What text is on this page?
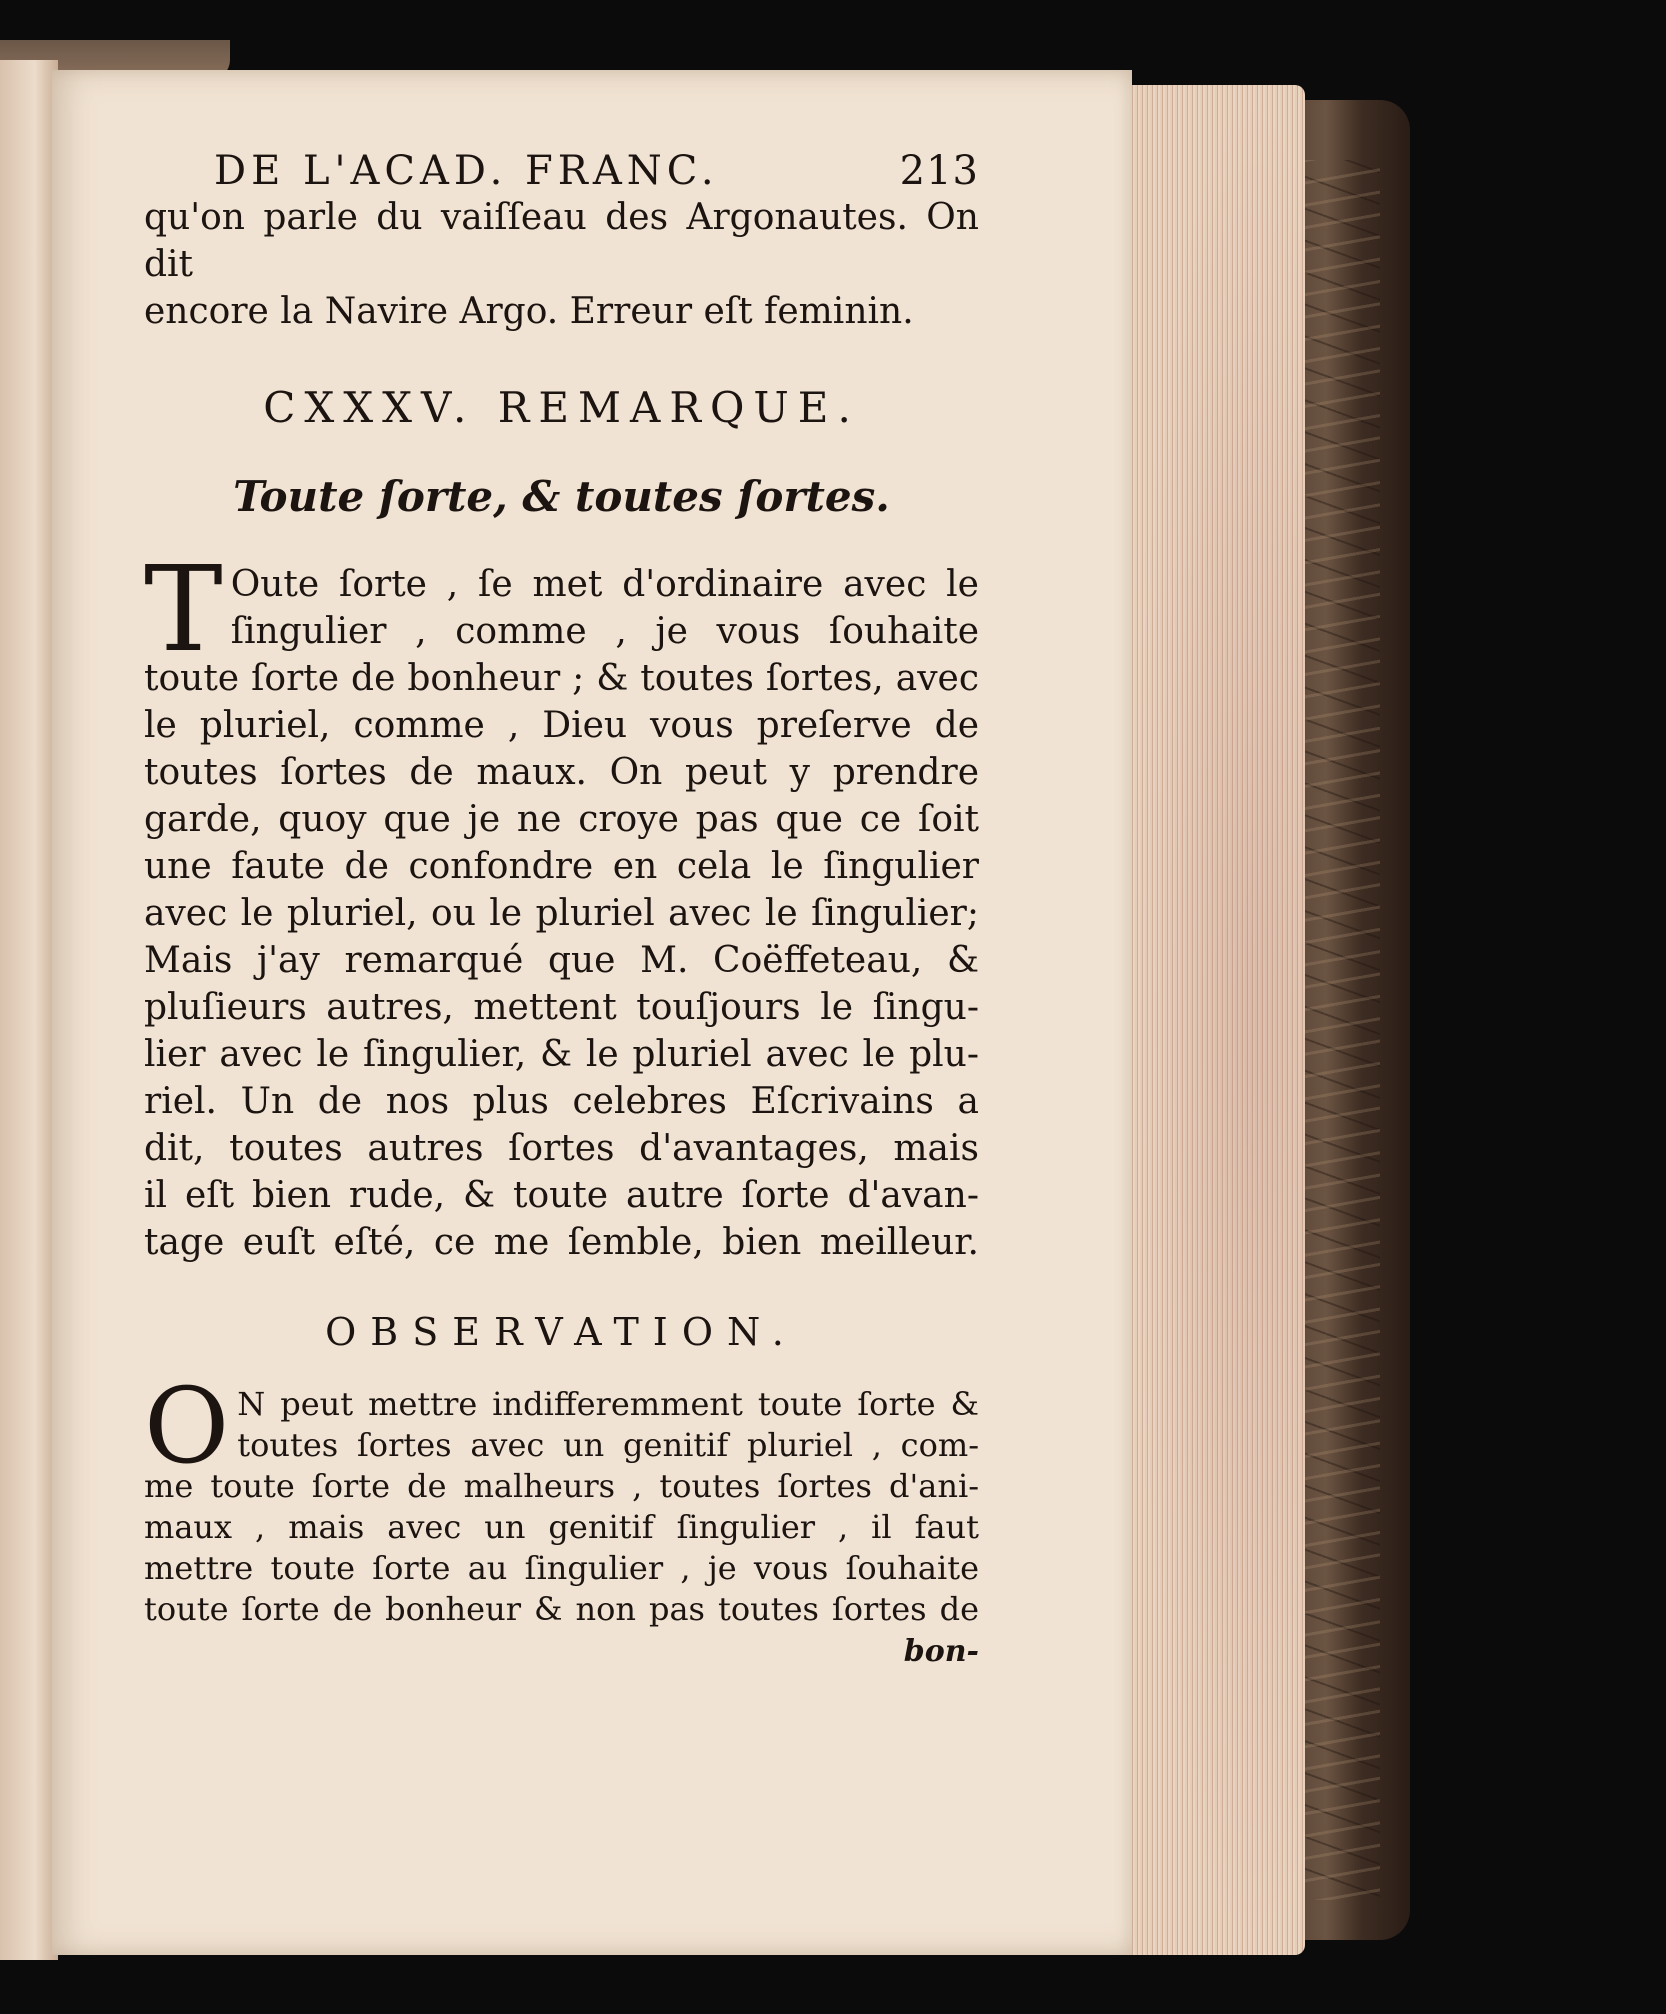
DE L'ACAD. FRANC.	213
qu'on parle du vaiſſeau des Argonautes. On dit
encore la Navire Argo. Erreur eſt feminin.
CXXXV. REMARQUE.
Toute ſorte, & toutes ſortes.
T Oute ſorte , ſe met d'ordinaire avec le
ſingulier , comme , je vous ſouhaite
toute ſorte de bonheur ; & toutes ſortes, avec
le pluriel, comme , Dieu vous preſerve de
toutes ſortes de maux. On peut y prendre
garde, quoy que je ne croye pas que ce ſoit
une faute de confondre en cela le ſingulier
avec le pluriel, ou le pluriel avec le ſingulier;
Mais j'ay remarqué que M. Coëffeteau, &
pluſieurs autres, mettent touſjours le ſingu-
lier avec le ſingulier, & le pluriel avec le plu-
riel. Un de nos plus celebres Eſcrivains a
dit, toutes autres ſortes d'avantages, mais
il eſt bien rude, & toute autre ſorte d'avan-
tage euſt eſté, ce me ſemble, bien meilleur.
OBSERVATION.
O N peut mettre indifferemment toute ſorte &
toutes ſortes avec un genitif pluriel , com-
me toute ſorte de malheurs , toutes ſortes d'ani-
maux , mais avec un genitif ſingulier , il faut
mettre toute ſorte au ſingulier , je vous ſouhaite
toute ſorte de bonheur & non pas toutes ſortes de
bon-
